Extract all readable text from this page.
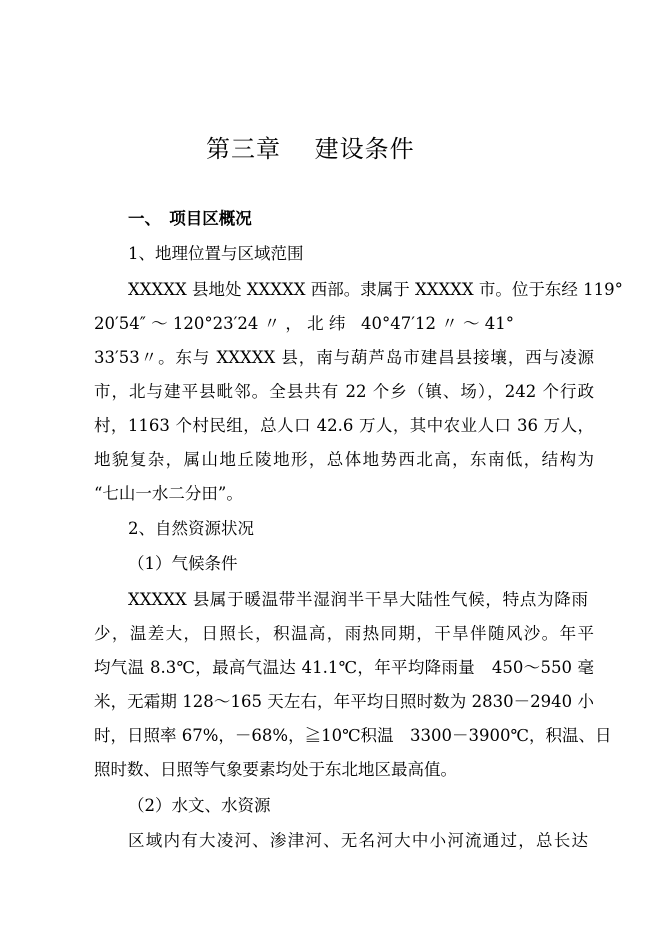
第三章　 建设条件
一、　项目区概况
1、地理位置与区域范围
XXXXX 县地处 XXXXX 西部。隶属于 XXXXX 市。位于东经 119°
20′54″～120°23′24〃，北纬 40°47′12〃～41°
33′53〃。东与 XXXXX 县，南与葫芦岛市建昌县接壤，西与凌源
市，北与建平县毗邻。全县共有 22 个乡（镇、场），242 个行政
村，1163 个村民组，总人口 42.6 万人，其中农业人口 36 万人，
地貌复杂，属山地丘陵地形，总体地势西北高，东南低，结构为
“七山一水二分田”。
2、自然资源状况
（1）气候条件
XXXXX 县属于暖温带半湿润半干旱大陆性气候，特点为降雨
少，温差大，日照长，积温高，雨热同期，干旱伴随风沙。年平
均气温 8.3℃，最高气温达 41.1℃，年平均降雨量　450～550 毫
米，无霜期 128～165 天左右，年平均日照时数为 2830－2940 小
时，日照率 67%，－68%，≧10℃积温　3300－3900℃，积温、日
照时数、日照等气象要素均处于东北地区最高值。
（2）水文、水资源
区域内有大凌河、渗津河、无名河大中小河流通过，总长达
